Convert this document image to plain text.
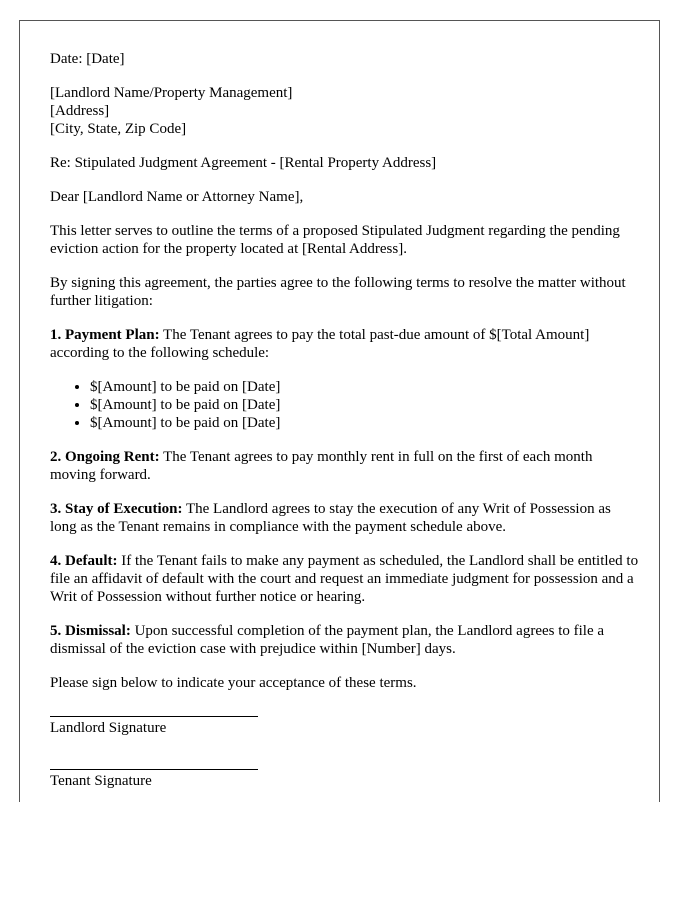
Date: [Date]

[Landlord Name/Property Management]

[Address]

[City, State, Zip Code]

Re: Stipulated Judgment Agreement - [Rental Property Address]

Dear [Landlord Name or Attorney Name],

This letter serves to outline the terms of a proposed Stipulated Judgment regarding the pending eviction action for the property located at [Rental Address].

By signing this agreement, the parties agree to the following terms to resolve the matter without further litigation:

1. Payment Plan: The Tenant agrees to pay the total past-due amount of $[Total Amount] according to the following schedule:

• $[Amount] to be paid on [Date]
• $[Amount] to be paid on [Date]
• $[Amount] to be paid on [Date]

2. Ongoing Rent: The Tenant agrees to pay monthly rent in full on the first of each month moving forward.

3. Stay of Execution: The Landlord agrees to stay the execution of any Writ of Possession as long as the Tenant remains in compliance with the payment schedule above.

4. Default: If the Tenant fails to make any payment as scheduled, the Landlord shall be entitled to file an affidavit of default with the court and request an immediate judgment for possession and a Writ of Possession without further notice or hearing.

5. Dismissal: Upon successful completion of the payment plan, the Landlord agrees to file a dismissal of the eviction case with prejudice within [Number] days.

Please sign below to indicate your acceptance of these terms.

Landlord Signature
Tenant Signature
